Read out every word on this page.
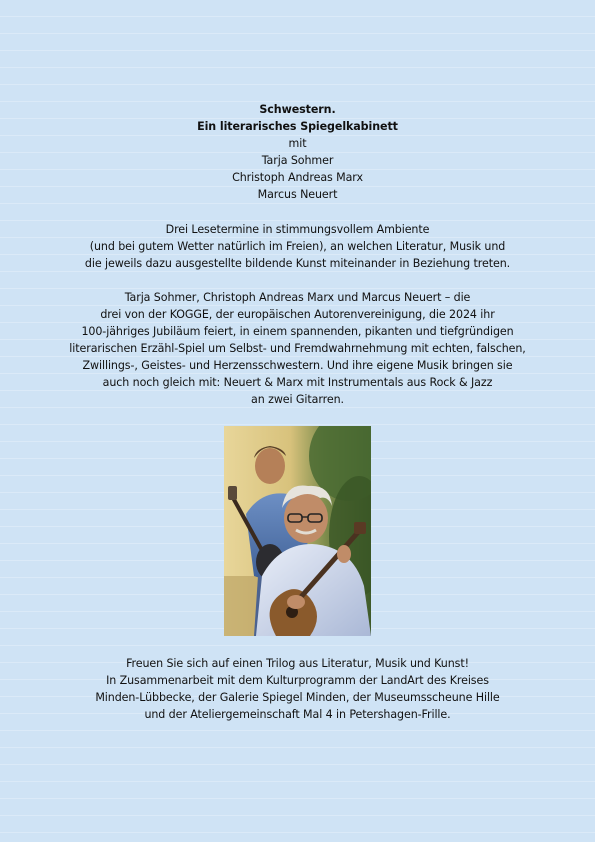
Schwestern.
Ein literarisches Spiegelkabinett
mit
Tarja Sohmer
Christoph Andreas Marx
Marcus Neuert
Drei Lesetermine in stimmungsvollem Ambiente
(und bei gutem Wetter natürlich im Freien), an welchen Literatur, Musik und
die jeweils dazu ausgestellte bildende Kunst miteinander in Beziehung treten.
Tarja Sohmer, Christoph Andreas Marx und Marcus Neuert – die
drei von der KOGGE, der europäischen Autorenvereinigung, die 2024 ihr
100-jähriges Jubiläum feiert, in einem spannenden, pikanten und tiefgründigen
literarischen Erzähl-Spiel um Selbst- und Fremdwahrnehmung mit echten, falschen,
Zwillings-, Geistes- und Herzensschwestern. Und ihre eigene Musik bringen sie
auch noch gleich mit: Neuert & Marx mit Instrumentals aus Rock & Jazz
an zwei Gitarren.
Freuen Sie sich auf einen Trilog aus Literatur, Musik und Kunst!
In Zusammenarbeit mit dem Kulturprogramm der LandArt des Kreises
Minden-Lübbecke, der Galerie Spiegel Minden, der Museumsscheune Hille
und der Ateliergemeinschaft Mal 4 in Petershagen-Frille.
